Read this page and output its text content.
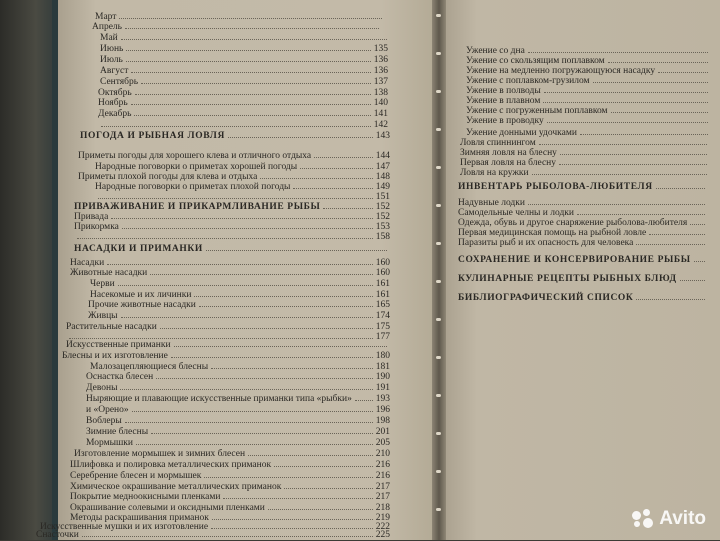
Март
Апрель
Май
Июнь	135
Июль	136
Август	136
Сентябрь	137
Октябрь	138
Ноябрь	140
Декабрь	141
142
ПОГОДА И РЫБНАЯ ЛОВЛЯ	143
Приметы погоды для хорошего клева и отличного отдыха	144
Народные поговорки о приметах хорошей погоды	147
Приметы плохой погоды для клева и отдыха	148
Народные поговорки о приметах плохой погоды	149
151
ПРИВАЖИВАНИЕ И ПРИКАРМЛИВАНИЕ РЫБЫ	152
Привада	152
Прикормка	153
158
НАСАДКИ И ПРИМАНКИ
Насадки	160
Животные насадки	160
Черви	161
Насекомые и их личинки	161
Прочие животные насадки	165
Живцы	174
Растительные насадки	175
177
Искусственные приманки
Блесны и их изготовление	180
Малозацепляющиеся блесны	181
Оснастка блесен	190
Девоны	191
Ныряющие и плавающие искусственные приманки типа «рыбки»	193
и «Орено»	196
Воблеры	198
Зимние блесны	201
Мормышки	205
Изготовление мормышек и зимних блесен	210
Шлифовка и полировка металлических приманок	216
Серебрение блесен и мормышек	216
Химическое окрашивание металлических приманок	217
Покрытие медноокисными пленками	217
Окрашивание солевыми и оксидными пленками	218
Методы раскрашивания приманок	219
Искусственные мушки и их изготовление	222
Снасточки	225
Ужение со дна
Ужение со скользящим поплавком
Ужение на медленно погружающуюся насадку
Ужение с поплавком-грузилом
Ужение в полводы
Ужение в плавном
Ужение с погруженным поплавком
Ужение в проводку
Ужение донными удочками
Ловля спиннингом
Зимняя ловля на блесну
Первая ловля на блесну
Ловля на кружки
ИНВЕНТАРЬ РЫБОЛОВА-ЛЮБИТЕЛЯ
Надувные лодки
Самодельные челны и лодки
Одежда, обувь и другое снаряжение рыболова-любителя
Первая медицинская помощь на рыбной ловле
Паразиты рыб и их опасность для человека
СОХРАНЕНИЕ И КОНСЕРВИРОВАНИЕ РЫБЫ
КУЛИНАРНЫЕ РЕЦЕПТЫ РЫБНЫХ БЛЮД
БИБЛИОГРАФИЧЕСКИЙ СПИСОК
Avito
